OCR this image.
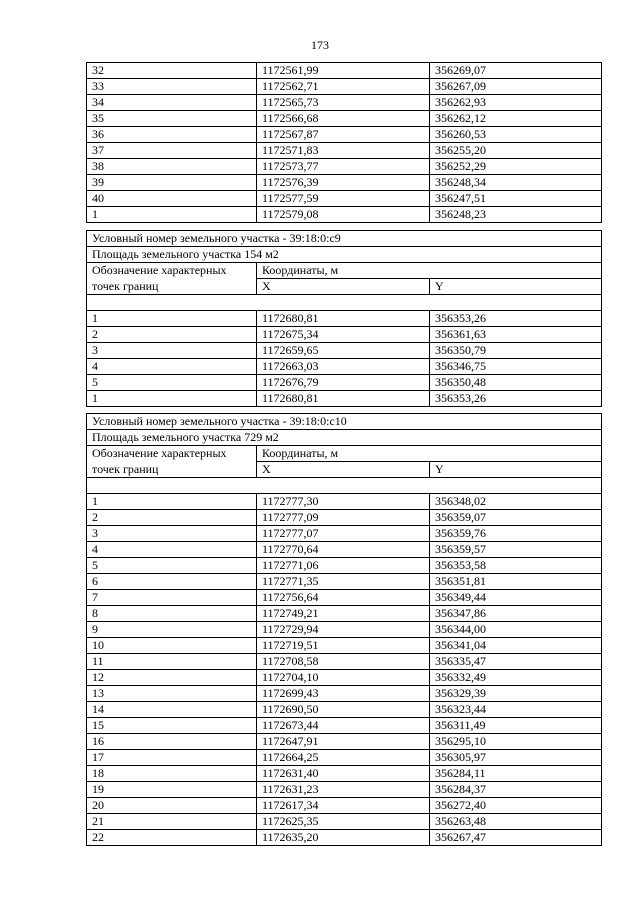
173
32	1172561,99	356269,07
33	1172562,71	356267,09
34	1172565,73	356262,93
35	1172566,68	356262,12
36	1172567,87	356260,53
37	1172571,83	356255,20
38	1172573,77	356252,29
39	1172576,39	356248,34
40	1172577,59	356247,51
1	1172579,08	356248,23
Условный номер земельного участка - 39:18:0:с9		
Площадь земельного участка 154 м2		
Обозначение характерных	Координаты, м	
точек границ	X	Y

1	1172680,81	356353,26
2	1172675,34	356361,63
3	1172659,65	356350,79
4	1172663,03	356346,75
5	1172676,79	356350,48
1	1172680,81	356353,26
Условный номер земельного участка - 39:18:0:с10		
Площадь земельного участка 729 м2		
Обозначение характерных	Координаты, м	
точек границ	X	Y

1	1172777,30	356348,02
2	1172777,09	356359,07
3	1172777,07	356359,76
4	1172770,64	356359,57
5	1172771,06	356353,58
6	1172771,35	356351,81
7	1172756,64	356349,44
8	1172749,21	356347,86
9	1172729,94	356344,00
10	1172719,51	356341,04
11	1172708,58	356335,47
12	1172704,10	356332,49
13	1172699,43	356329,39
14	1172690,50	356323,44
15	1172673,44	356311,49
16	1172647,91	356295,10
17	1172664,25	356305,97
18	1172631,40	356284,11
19	1172631,23	356284,37
20	1172617,34	356272,40
21	1172625,35	356263,48
22	1172635,20	356267,47
